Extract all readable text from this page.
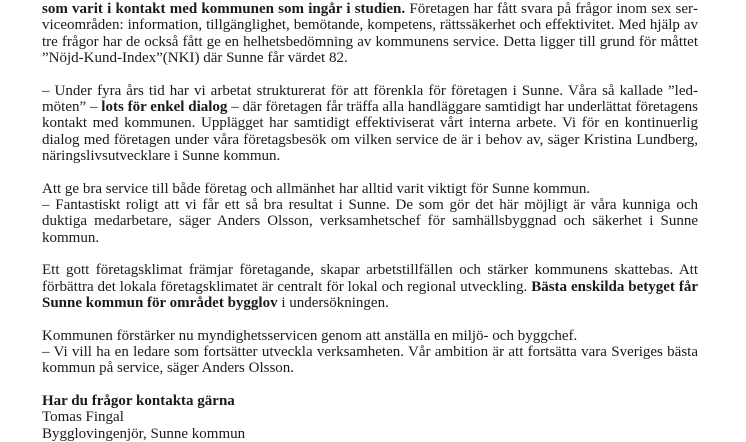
som varit i kontakt med kommunen som ingår i studien. Företagen har fått svara på frågor inom sex serviceområden: information, tillgänglighet, bemötande, kompetens, rättssäkerhet och effektivitet. Med hjälp av tre frågor har de också fått ge en helhetsbedömning av kommunens service. Detta ligger till grund för måttet ”Nöjd-Kund-Index”(NKI) där Sunne får värdet 82.

– Under fyra års tid har vi arbetat strukturerat för att förenkla för företagen i Sunne. Våra så kallade ”ledmöten” – lots för enkel dialog – där företagen får träffa alla handläggare samtidigt har underlättat företagens kontakt med kommunen. Upplägget har samtidigt effektiviserat vårt interna arbete. Vi för en kontinuerlig dialog med företagen under våra företagsbesök om vilken service de är i behov av, säger Kristina Lundberg, näringslivsutvecklare i Sunne kommun.

Att ge bra service till både företag och allmänhet har alltid varit viktigt för Sunne kommun.
– Fantastiskt roligt att vi får ett så bra resultat i Sunne. De som gör det här möjligt är våra kunniga och duktiga medarbetare, säger Anders Olsson, verksamhetschef för samhällsbyggnad och säkerhet i Sunne kommun.

Ett gott företagsklimat främjar företagande, skapar arbetstillfällen och stärker kommunens skattebas. Att förbättra det lokala företagsklimatet är centralt för lokal och regional utveckling. Bästa enskilda betyget får Sunne kommun för området bygglov i undersökningen.

Kommunen förstärker nu myndighetsservicen genom att anställa en miljö- och byggchef.
– Vi vill ha en ledare som fortsätter utveckla verksamheten. Vår ambition är att fortsätta vara Sveriges bästa kommun på service, säger Anders Olsson.

Har du frågor kontakta gärna
Tomas Fingal
Bygglovingenjör, Sunne kommun
